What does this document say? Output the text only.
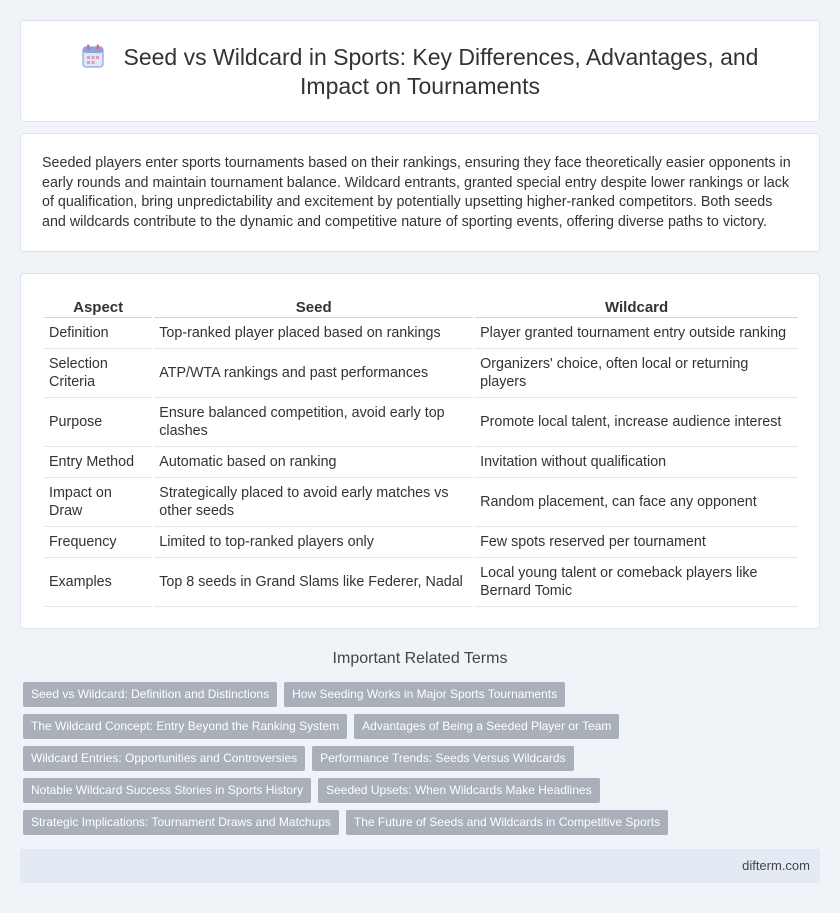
Seed vs Wildcard in Sports: Key Differences, Advantages, and Impact on Tournaments

Seeded players enter sports tournaments based on their rankings, ensuring they face theoretically easier opponents in early rounds and maintain tournament balance. Wildcard entrants, granted special entry despite lower rankings or lack of qualification, bring unpredictability and excitement by potentially upsetting higher-ranked competitors. Both seeds and wildcards contribute to the dynamic and competitive nature of sporting events, offering diverse paths to victory.

Aspect	Seed	Wildcard
Definition	Top-ranked player placed based on rankings	Player granted tournament entry outside ranking
Selection Criteria	ATP/WTA rankings and past performances	Organizers' choice, often local or returning players
Purpose	Ensure balanced competition, avoid early top clashes	Promote local talent, increase audience interest
Entry Method	Automatic based on ranking	Invitation without qualification
Impact on Draw	Strategically placed to avoid early matches vs other seeds	Random placement, can face any opponent
Frequency	Limited to top-ranked players only	Few spots reserved per tournament
Examples	Top 8 seeds in Grand Slams like Federer, Nadal	Local young talent or comeback players like Bernard Tomic
Important Related Terms
Seed vs Wildcard: Definition and Distinctions	How Seeding Works in Major Sports Tournaments
The Wildcard Concept: Entry Beyond the Ranking System	Advantages of Being a Seeded Player or Team
Wildcard Entries: Opportunities and Controversies	Performance Trends: Seeds Versus Wildcards
Notable Wildcard Success Stories in Sports History	Seeded Upsets: When Wildcards Make Headlines
Strategic Implications: Tournament Draws and Matchups	The Future of Seeds and Wildcards in Competitive Sports
difterm.com
